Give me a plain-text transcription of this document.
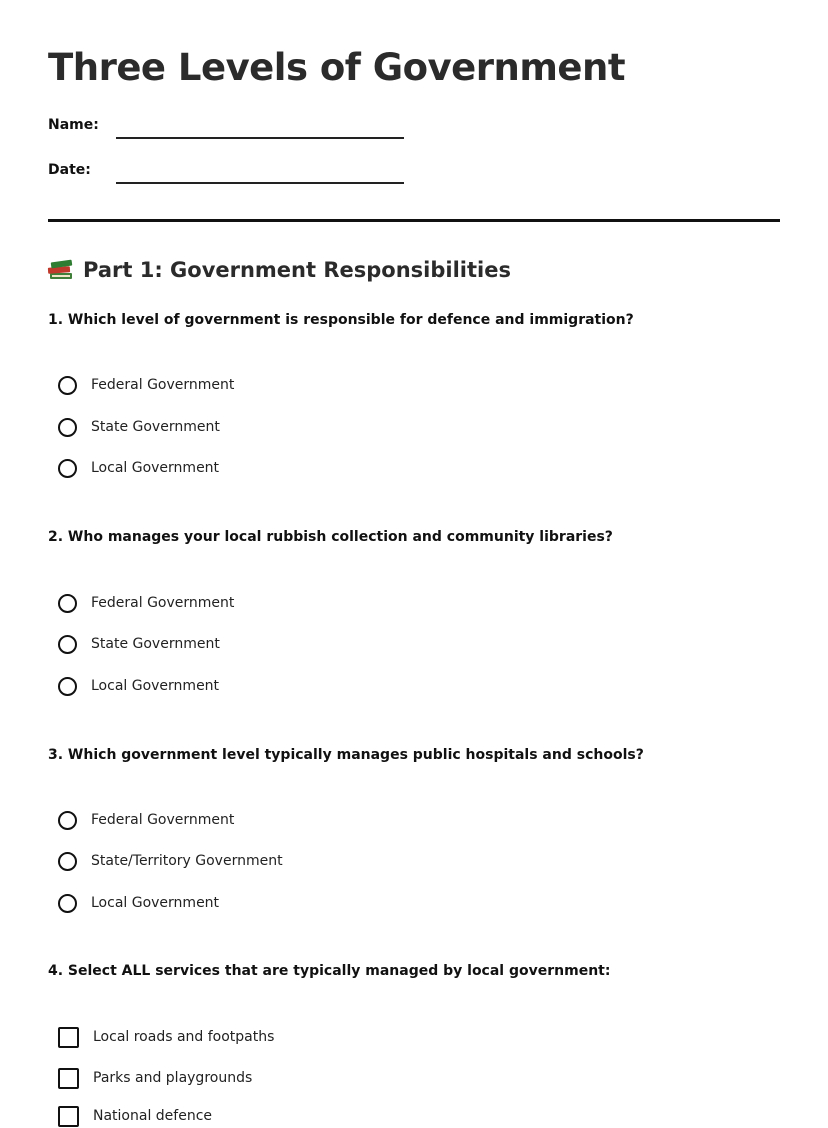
Three Levels of Government
Name:
Date:
Part 1: Government Responsibilities

1. Which level of government is responsible for defence and immigration?

Federal Government
State Government
Local Government

2. Who manages your local rubbish collection and community libraries?

Federal Government
State Government
Local Government

3. Which government level typically manages public hospitals and schools?

Federal Government
State/Territory Government
Local Government

4. Select ALL services that are typically managed by local government:

Local roads and footpaths
Parks and playgrounds
National defence
